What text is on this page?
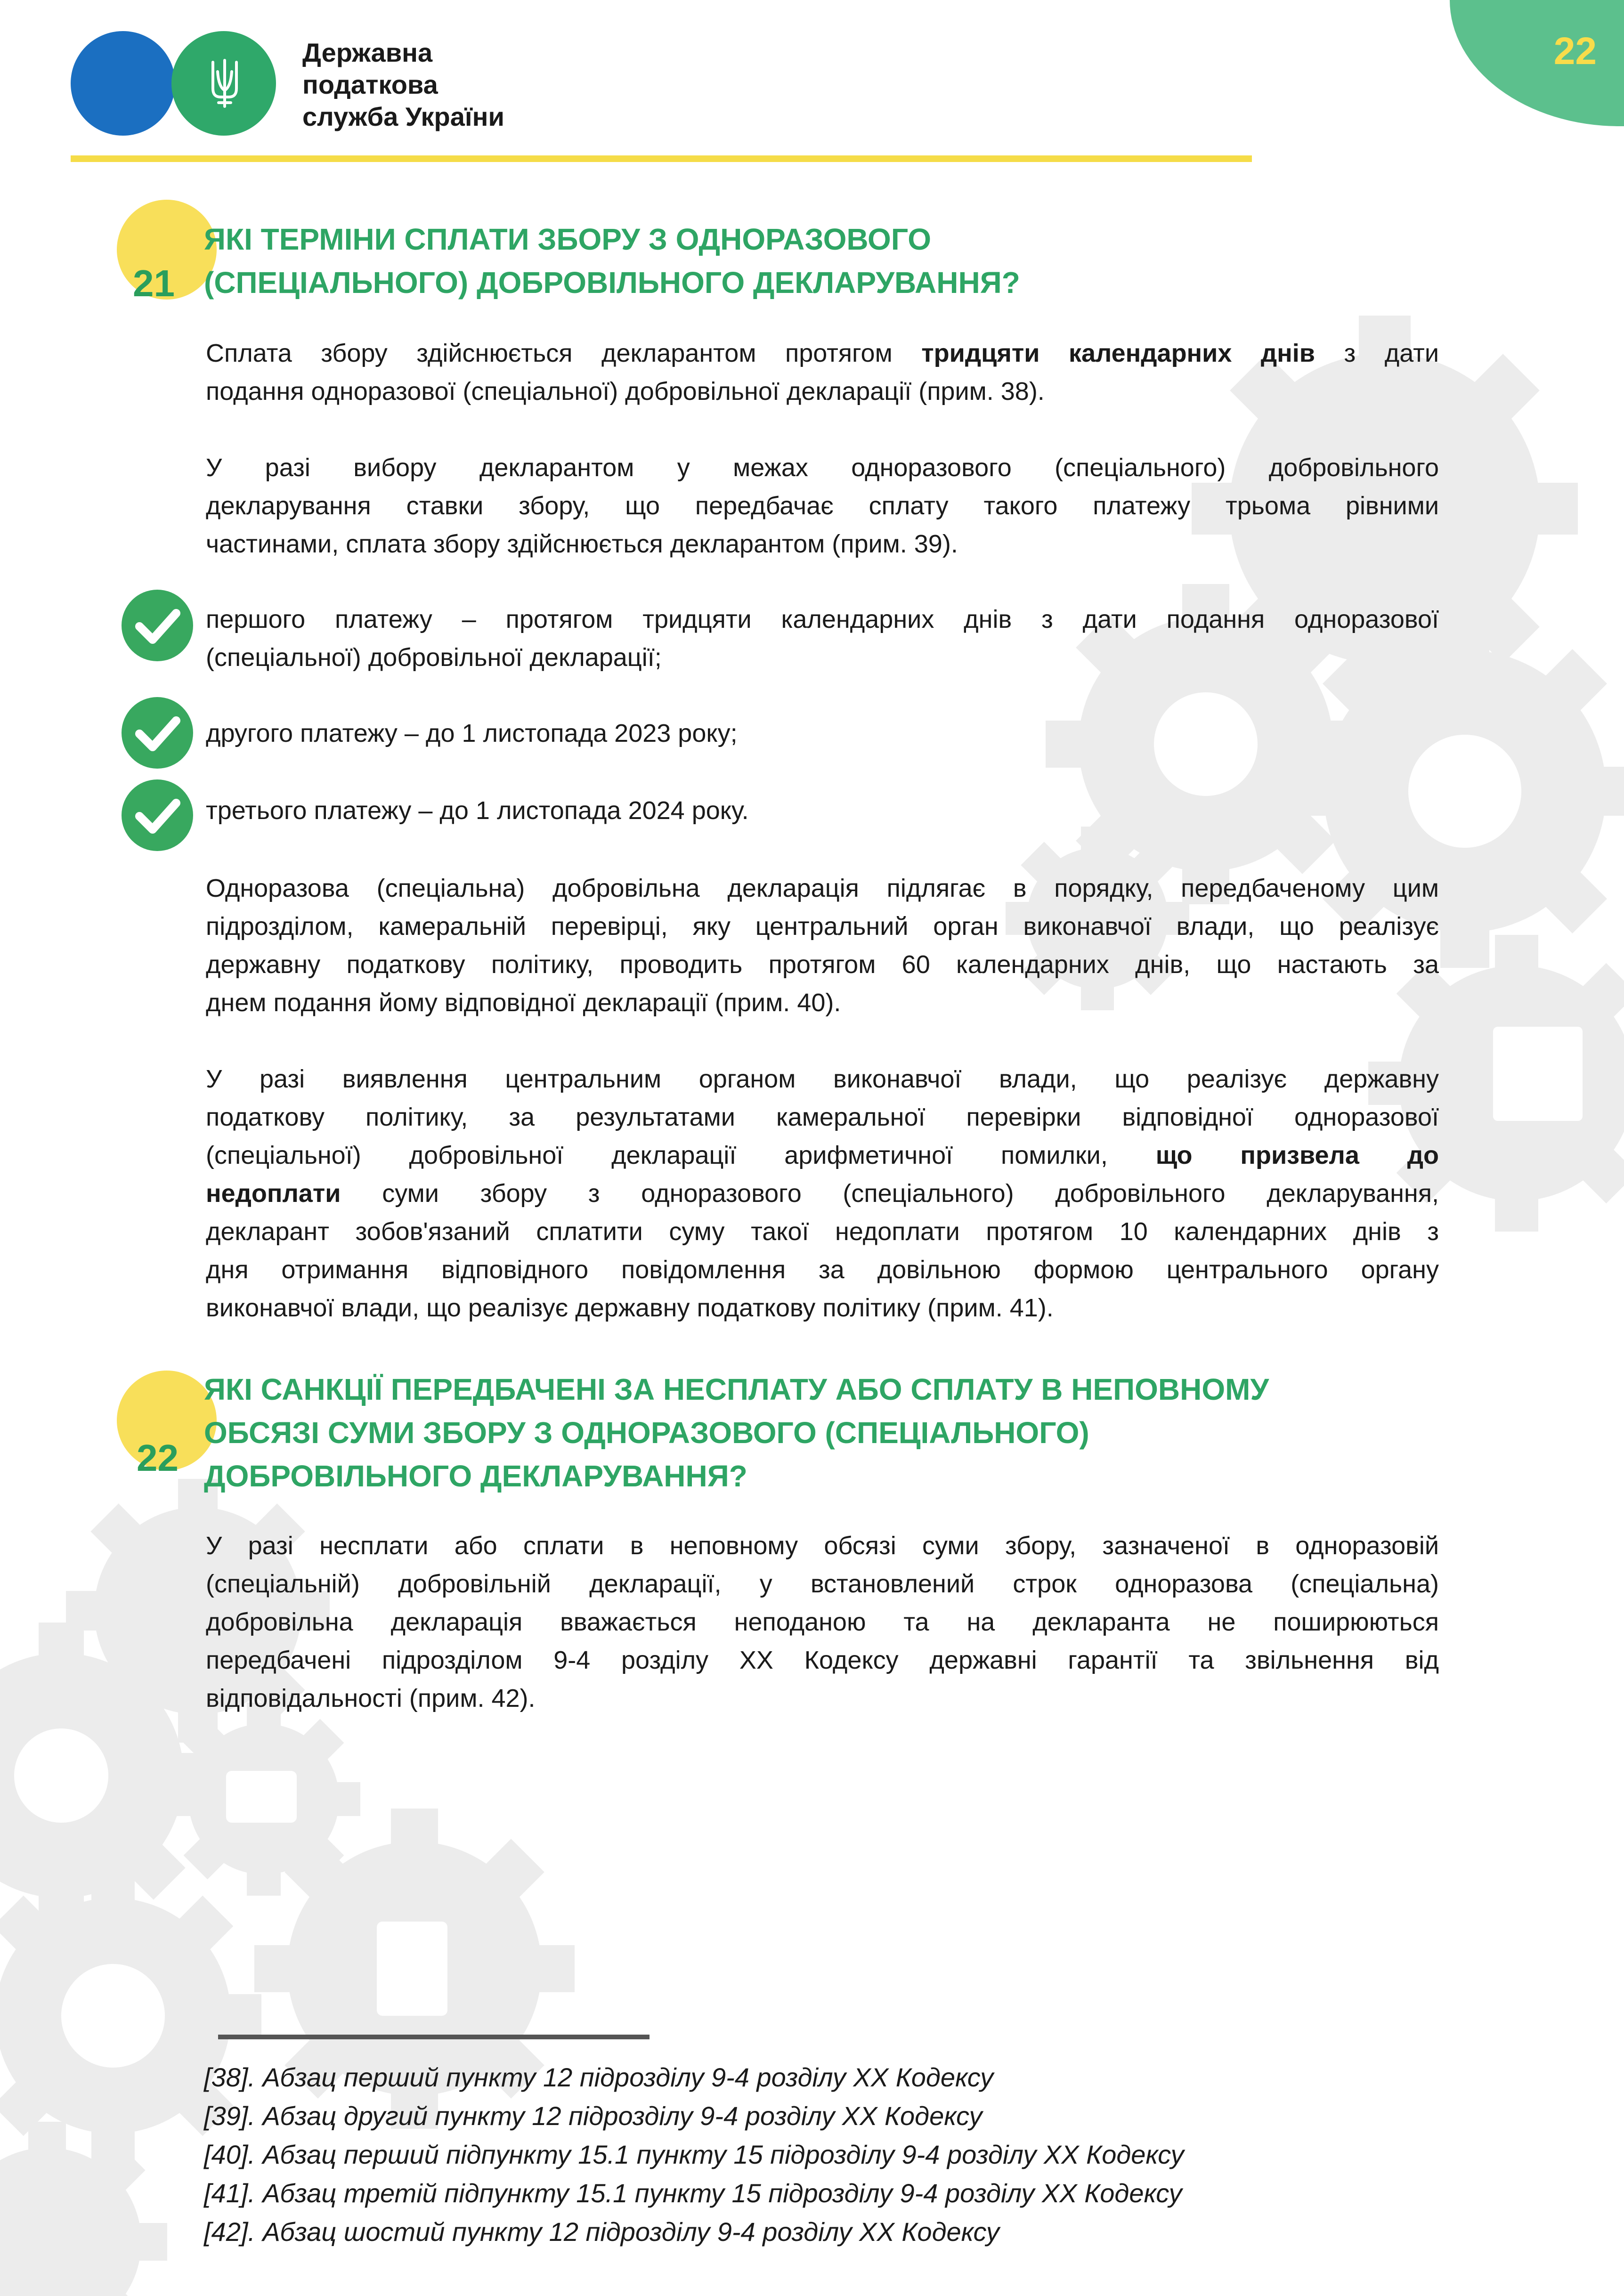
Державна
податкова
служба України
22
21
ЯКІ ТЕРМІНИ СПЛАТИ ЗБОРУ З ОДНОРАЗОВОГО
(СПЕЦІАЛЬНОГО) ДОБРОВІЛЬНОГО ДЕКЛАРУВАННЯ?
Сплата збору здійснюється декларантом протягом тридцяти календарних днів з дати
подання одноразової (спеціальної) добровільної декларації (прим. 38).
У разі вибору декларантом у межах одноразового (спеціального) добровільного
декларування ставки збору, що передбачає сплату такого платежу трьома рівними
частинами, сплата збору здійснюється декларантом (прим. 39).
першого платежу – протягом тридцяти календарних днів з дати подання одноразової
(спеціальної) добровільної декларації;
другого платежу – до 1 листопада 2023 року;
третього платежу – до 1 листопада 2024 року.
Одноразова (спеціальна) добровільна декларація підлягає в порядку, передбаченому цим
підрозділом, камеральній перевірці, яку центральний орган виконавчої влади, що реалізує
державну податкову політику, проводить протягом 60 календарних днів, що настають за
днем подання йому відповідної декларації (прим. 40).
У разі виявлення центральним органом виконавчої влади, що реалізує державну
податкову політику, за результатами камеральної перевірки відповідної одноразової
(спеціальної) добровільної декларації арифметичної помилки, що призвела до
недоплати суми збору з одноразового (спеціального) добровільного декларування,
декларант зобов'язаний сплатити суму такої недоплати протягом 10 календарних днів з
дня отримання відповідного повідомлення за довільною формою центрального органу
виконавчої влади, що реалізує державну податкову політику (прим. 41).
22
ЯКІ САНКЦІЇ ПЕРЕДБАЧЕНІ ЗА НЕСПЛАТУ АБО СПЛАТУ В НЕПОВНОМУ
ОБСЯЗІ СУМИ ЗБОРУ З ОДНОРАЗОВОГО (СПЕЦІАЛЬНОГО)
ДОБРОВІЛЬНОГО ДЕКЛАРУВАННЯ?
У разі несплати або сплати в неповному обсязі суми збору, зазначеної в одноразовій
(спеціальній) добровільній декларації, у встановлений строк одноразова (спеціальна)
добровільна декларація вважається неподаною та на декларанта не поширюються
передбачені підрозділом 9-4 розділу XX Кодексу державні гарантії та звільнення від
відповідальності (прим. 42).
[38]. Абзац перший пункту 12 підрозділу 9-4 розділу XX Кодексу
[39]. Абзац другий пункту 12 підрозділу 9-4 розділу XX Кодексу
[40]. Абзац перший підпункту 15.1 пункту 15 підрозділу 9-4 розділу XX Кодексу
[41]. Абзац третій підпункту 15.1 пункту 15 підрозділу 9-4 розділу XX Кодексу
[42]. Абзац шостий пункту 12 підрозділу 9-4 розділу XX Кодексу
